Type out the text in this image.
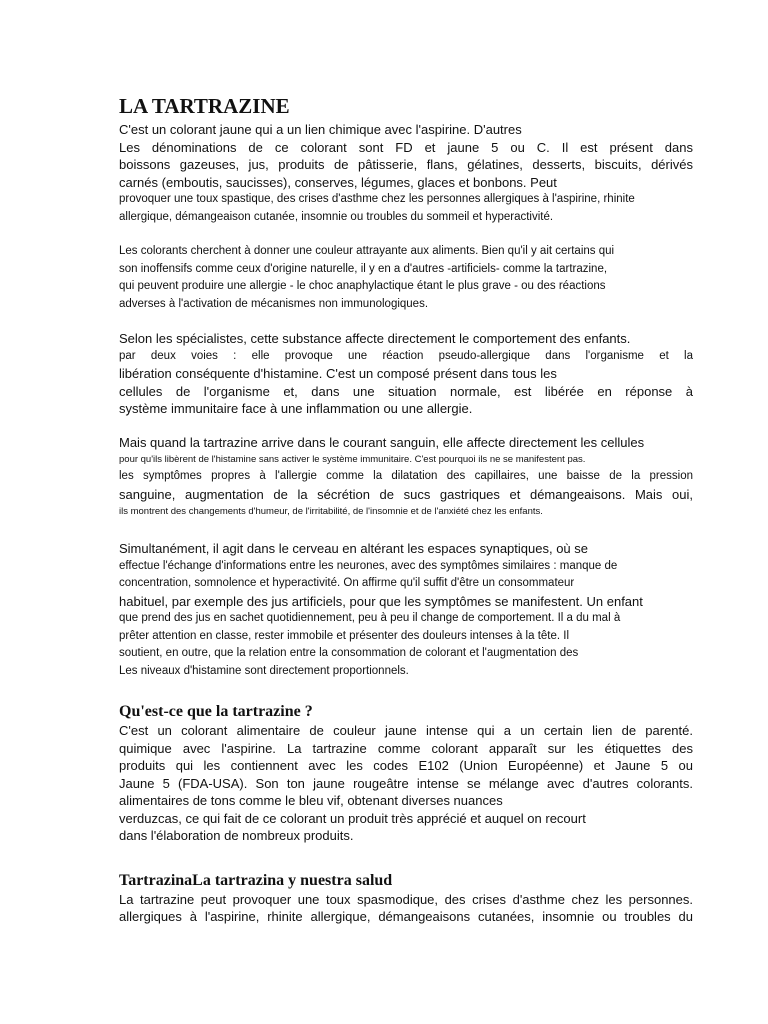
LA TARTRAZINE
C'est un colorant jaune qui a un lien chimique avec l'aspirine. D'autres
Les dénominations de ce colorant sont FD et jaune 5 ou C. Il est présent dans
boissons gazeuses, jus, produits de pâtisserie, flans, gélatines, desserts, biscuits, dérivés
carnés (emboutis, saucisses), conserves, légumes, glaces et bonbons. Peut
provoquer une toux spastique, des crises d'asthme chez les personnes allergiques à l'aspirine, rhinite
allergique, démangeaison cutanée, insomnie ou troubles du sommeil et hyperactivité.
Les colorants cherchent à donner une couleur attrayante aux aliments. Bien qu'il y ait certains qui
son inoffensifs comme ceux d'origine naturelle, il y en a d'autres -artificiels- comme la tartrazine,
qui peuvent produire une allergie - le choc anaphylactique étant le plus grave - ou des réactions
adverses à l'activation de mécanismes non immunologiques.
Selon les spécialistes, cette substance affecte directement le comportement des enfants.
par deux voies : elle provoque une réaction pseudo-allergique dans l'organisme et la
libération conséquente d'histamine. C'est un composé présent dans tous les
cellules de l'organisme et, dans une situation normale, est libérée en réponse à
système immunitaire face à une inflammation ou une allergie.
Mais quand la tartrazine arrive dans le courant sanguin, elle affecte directement les cellules
pour qu'ils libèrent de l'histamine sans activer le système immunitaire. C'est pourquoi ils ne se manifestent pas.
les symptômes propres à l'allergie comme la dilatation des capillaires, une baisse de la pression
sanguine, augmentation de la sécrétion de sucs gastriques et démangeaisons. Mais oui,
ils montrent des changements d'humeur, de l'irritabilité, de l'insomnie et de l'anxiété chez les enfants.
Simultanément, il agit dans le cerveau en altérant les espaces synaptiques, où se
effectue l'échange d'informations entre les neurones, avec des symptômes similaires : manque de
concentration, somnolence et hyperactivité. On affirme qu'il suffit d'être un consommateur
habituel, par exemple des jus artificiels, pour que les symptômes se manifestent. Un enfant
que prend des jus en sachet quotidiennement, peu à peu il change de comportement. Il a du mal à
prêter attention en classe, rester immobile et présenter des douleurs intenses à la tête. Il
soutient, en outre, que la relation entre la consommation de colorant et l'augmentation des
Les niveaux d'histamine sont directement proportionnels.
Qu'est-ce que la tartrazine ?
C'est un colorant alimentaire de couleur jaune intense qui a un certain lien de parenté.
quimique avec l'aspirine. La tartrazine comme colorant apparaît sur les étiquettes des
produits qui les contiennent avec les codes E102 (Union Européenne) et Jaune 5 ou
Jaune 5 (FDA-USA). Son ton jaune rougeâtre intense se mélange avec d'autres colorants.
alimentaires de tons comme le bleu vif, obtenant diverses nuances
verduzcas, ce qui fait de ce colorant un produit très apprécié et auquel on recourt
dans l'élaboration de nombreux produits.
TartrazinaLa tartrazina y nuestra salud
La tartrazine peut provoquer une toux spasmodique, des crises d'asthme chez les personnes.
allergiques à l'aspirine, rhinite allergique, démangeaisons cutanées, insomnie ou troubles du
